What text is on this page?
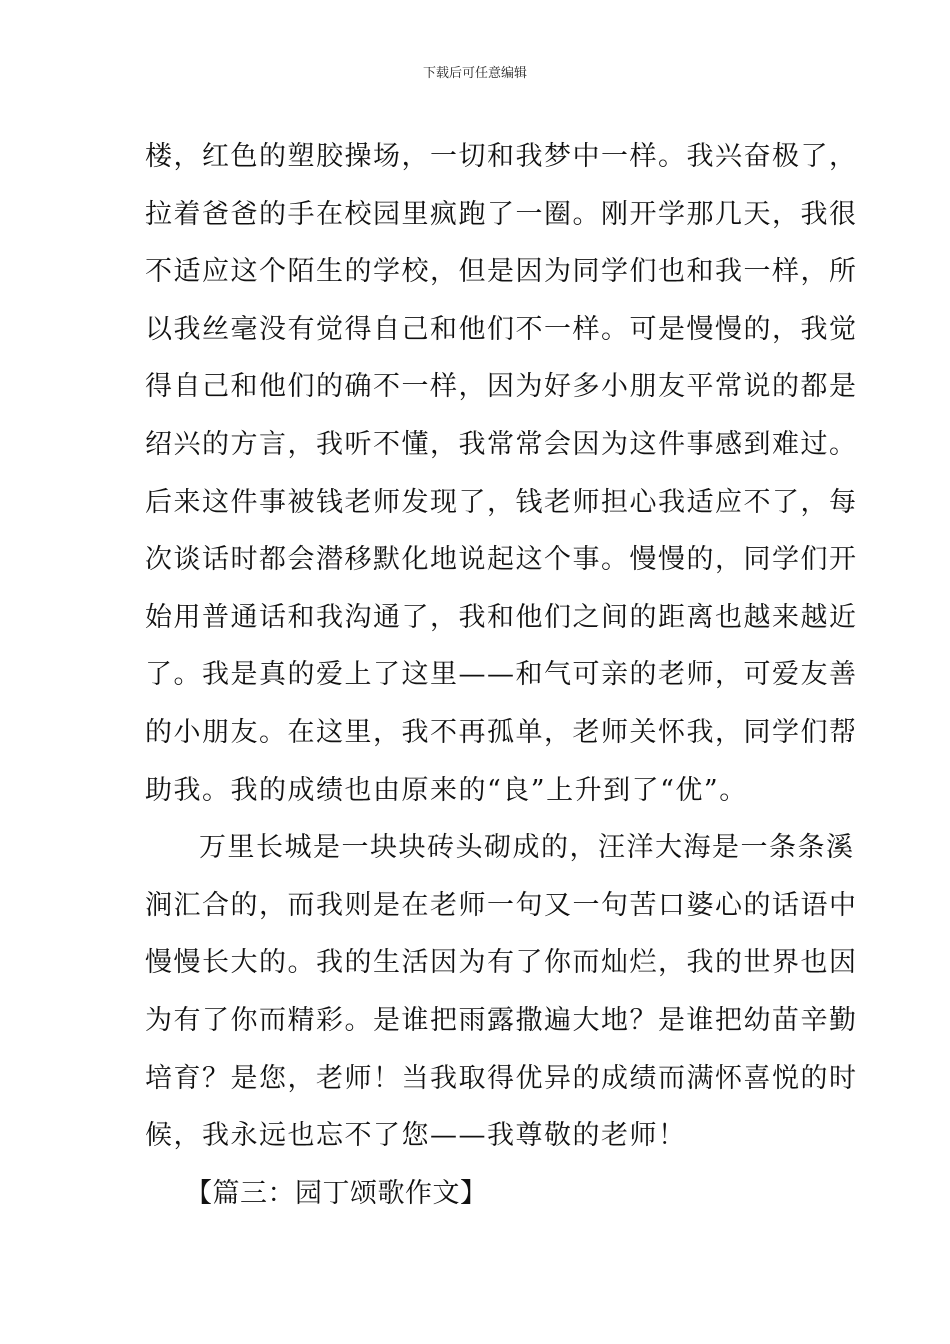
下载后可任意编辑
楼，红色的塑胶操场，一切和我梦中一样。我兴奋极了，
拉着爸爸的手在校园里疯跑了一圈。刚开学那几天，我很
不适应这个陌生的学校，但是因为同学们也和我一样，所
以我丝毫没有觉得自己和他们不一样。可是慢慢的，我觉
得自己和他们的确不一样，因为好多小朋友平常说的都是
绍兴的方言，我听不懂，我常常会因为这件事感到难过。
后来这件事被钱老师发现了，钱老师担心我适应不了，每
次谈话时都会潜移默化地说起这个事。慢慢的，同学们开
始用普通话和我沟通了，我和他们之间的距离也越来越近
了。我是真的爱上了这里——和气可亲的老师，可爱友善
的小朋友。在这里，我不再孤单，老师关怀我，同学们帮
助我。我的成绩也由原来的“良”上升到了“优”。
万里长城是一块块砖头砌成的，汪洋大海是一条条溪
涧汇合的，而我则是在老师一句又一句苦口婆心的话语中
慢慢长大的。我的生活因为有了你而灿烂，我的世界也因
为有了你而精彩。是谁把雨露撒遍大地？是谁把幼苗辛勤
培育？是您，老师！当我取得优异的成绩而满怀喜悦的时
候，我永远也忘不了您——我尊敬的老师！
【篇三：园丁颂歌作文】
